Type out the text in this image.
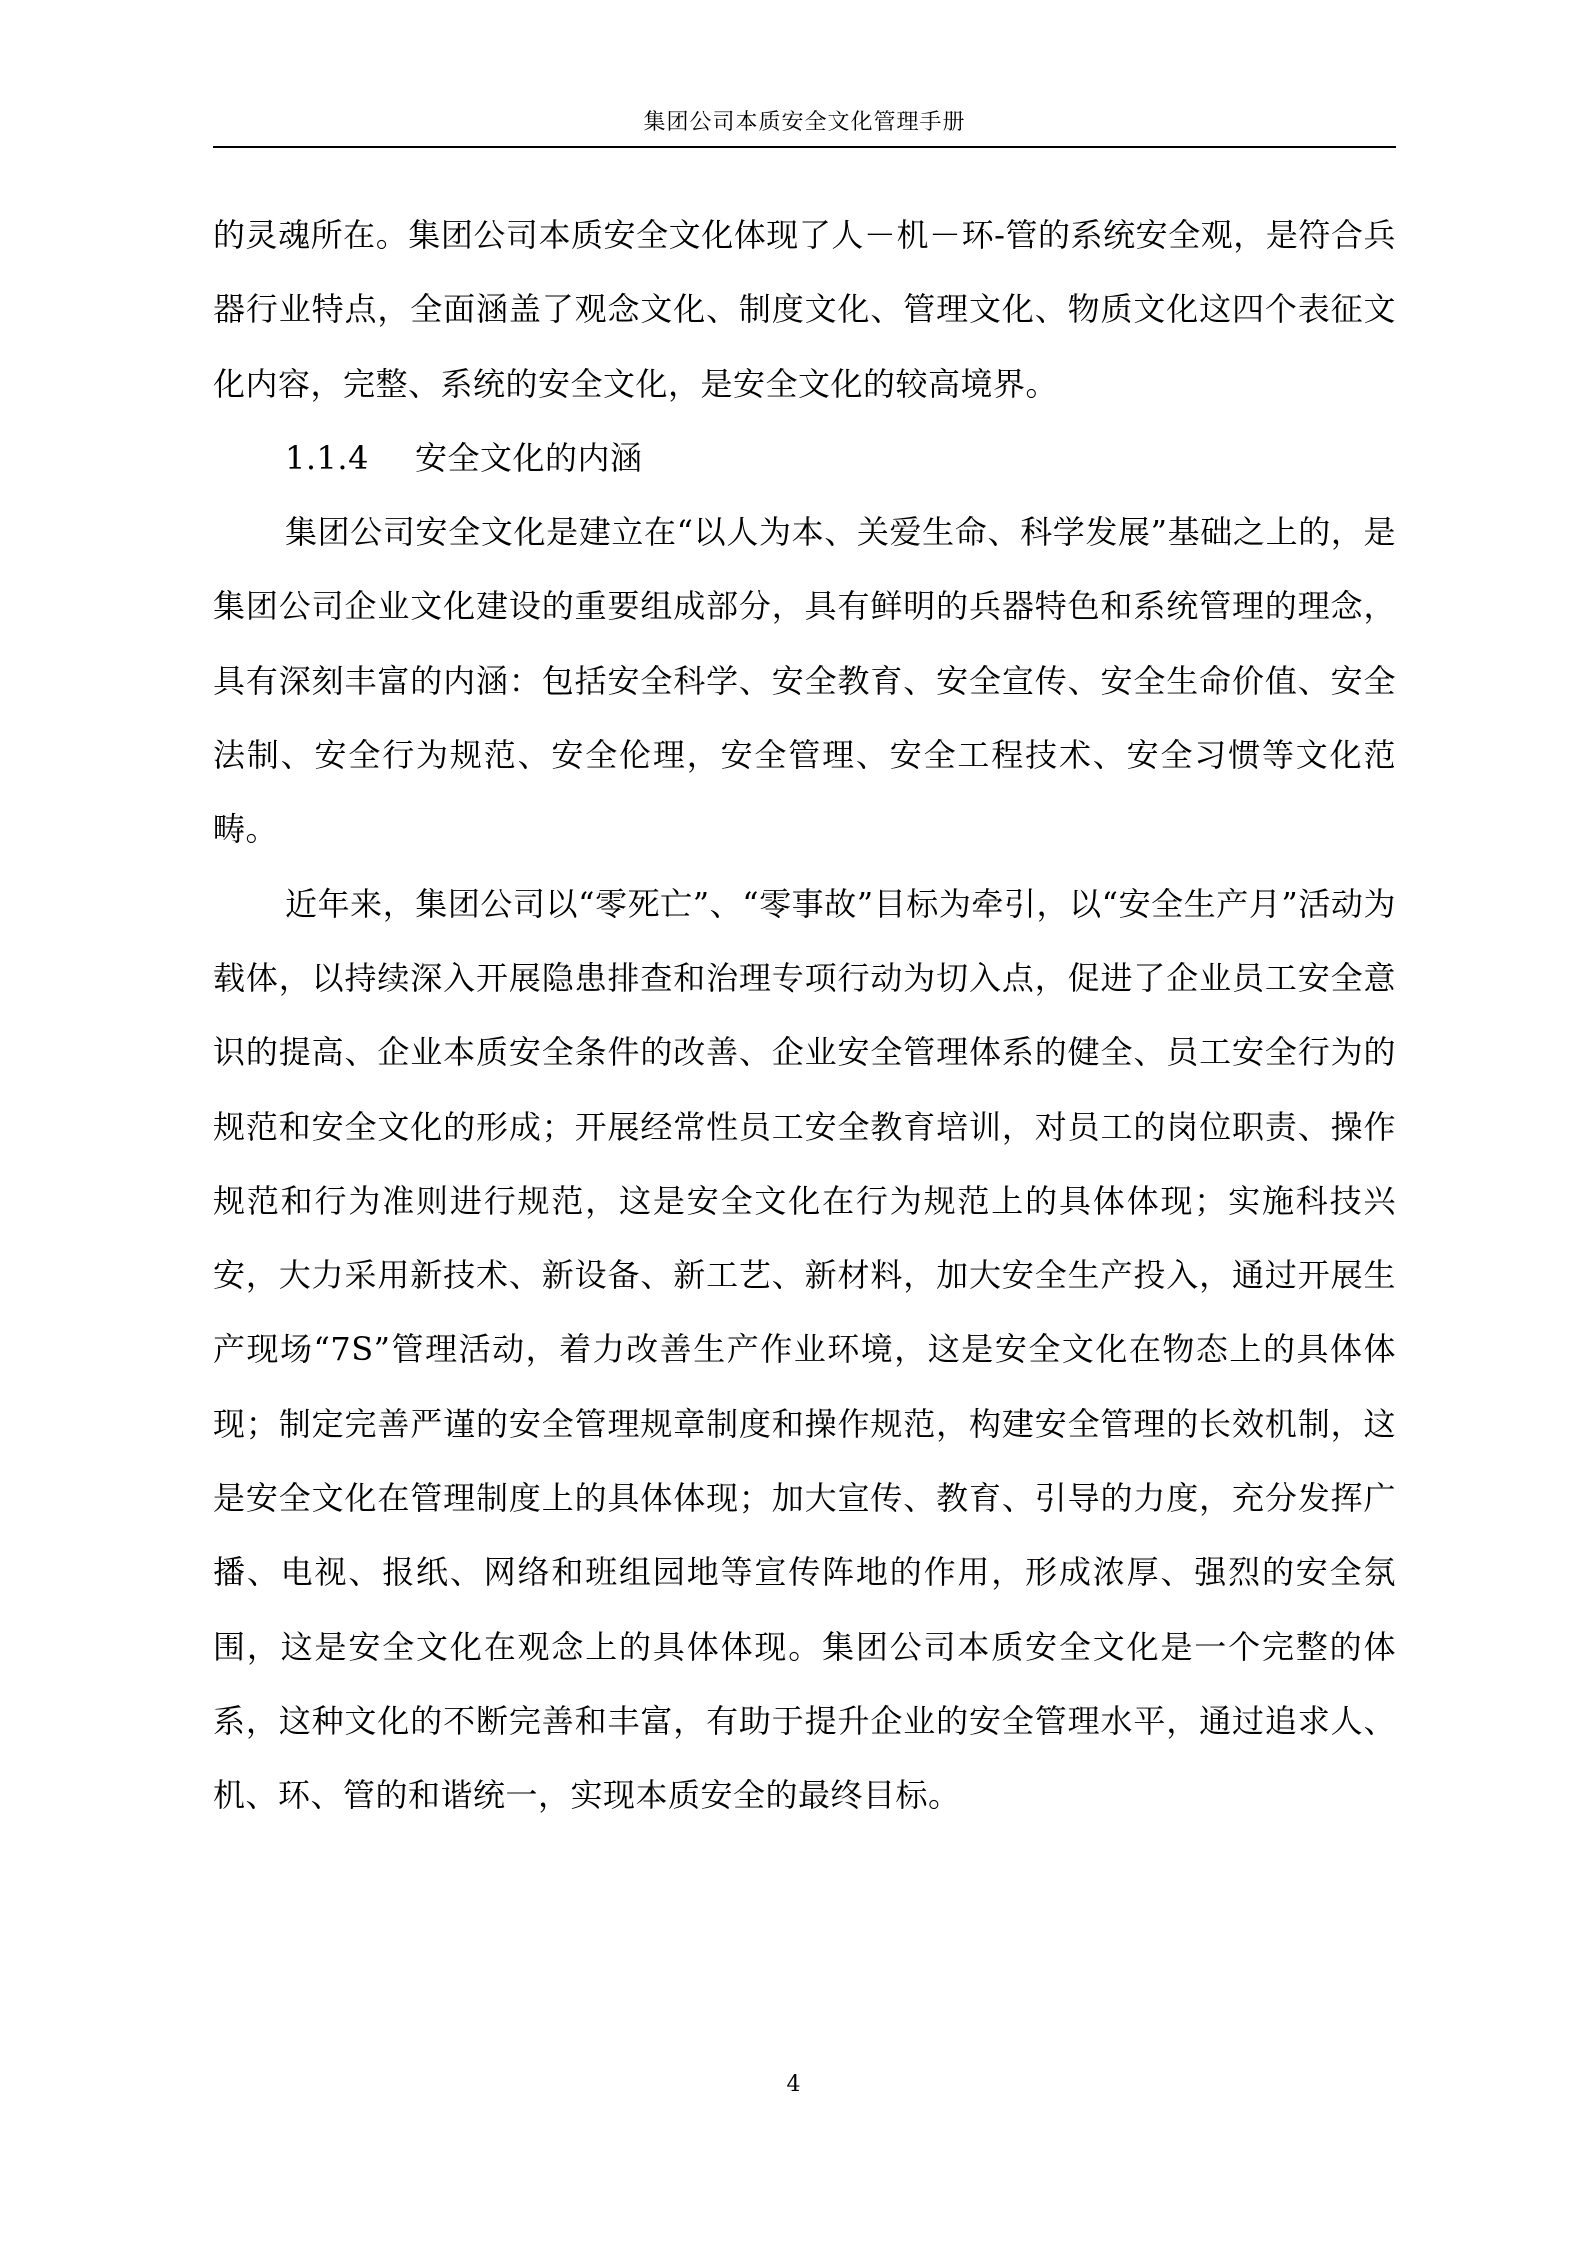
集团公司本质安全文化管理手册

的灵魂所在。集团公司本质安全文化体现了人－机－环-管的系统安全观，是符合兵器行业特点，全面涵盖了观念文化、制度文化、管理文化、物质文化这四个表征文化内容，完整、系统的安全文化，是安全文化的较高境界。

1.1.4 安全文化的内涵

集团公司安全文化是建立在“以人为本、关爱生命、科学发展”基础之上的，是集团公司企业文化建设的重要组成部分，具有鲜明的兵器特色和系统管理的理念，具有深刻丰富的内涵：包括安全科学、安全教育、安全宣传、安全生命价值、安全法制、安全行为规范、安全伦理，安全管理、安全工程技术、安全习惯等文化范畴。

近年来，集团公司以“零死亡”、“零事故”目标为牵引，以“安全生产月”活动为载体，以持续深入开展隐患排查和治理专项行动为切入点，促进了企业员工安全意识的提高、企业本质安全条件的改善、企业安全管理体系的健全、员工安全行为的规范和安全文化的形成；开展经常性员工安全教育培训，对员工的岗位职责、操作规范和行为准则进行规范，这是安全文化在行为规范上的具体体现；实施科技兴安，大力采用新技术、新设备、新工艺、新材料，加大安全生产投入，通过开展生产现场“7S”管理活动，着力改善生产作业环境，这是安全文化在物态上的具体体现；制定完善严谨的安全管理规章制度和操作规范，构建安全管理的长效机制，这是安全文化在管理制度上的具体体现；加大宣传、教育、引导的力度，充分发挥广播、电视、报纸、网络和班组园地等宣传阵地的作用，形成浓厚、强烈的安全氛围，这是安全文化在观念上的具体体现。集团公司本质安全文化是一个完整的体系，这种文化的不断完善和丰富，有助于提升企业的安全管理水平，通过追求人、机、环、管的和谐统一，实现本质安全的最终目标。

4
